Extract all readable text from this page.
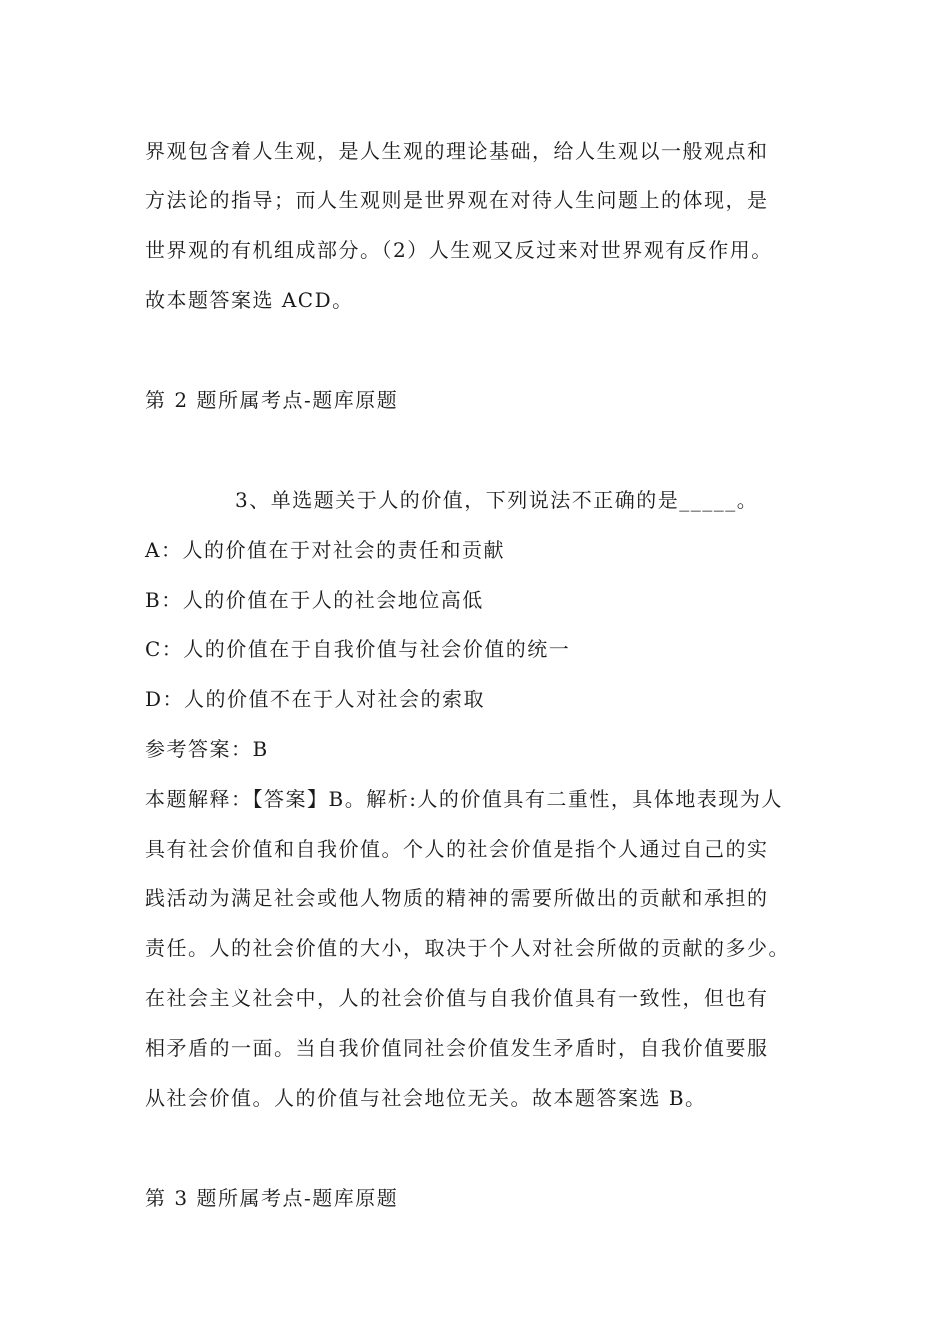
界观包含着人生观，是人生观的理论基础，给人生观以一般观点和
方法论的指导；而人生观则是世界观在对待人生问题上的体现，是
世界观的有机组成部分。（2）人生观又反过来对世界观有反作用。
故本题答案选 ACD。
第 2 题所属考点-题库原题
3、单选题关于人的价值，下列说法不正确的是_____。
A：人的价值在于对社会的责任和贡献
B：人的价值在于人的社会地位高低
C：人的价值在于自我价值与社会价值的统一
D：人的价值不在于人对社会的索取
参考答案：B
本题解释：【答案】B。解析:人的价值具有二重性，具体地表现为人
具有社会价值和自我价值。个人的社会价值是指个人通过自己的实
践活动为满足社会或他人物质的精神的需要所做出的贡献和承担的
责任。人的社会价值的大小，取决于个人对社会所做的贡献的多少。
在社会主义社会中，人的社会价值与自我价值具有一致性，但也有
相矛盾的一面。当自我价值同社会价值发生矛盾时，自我价值要服
从社会价值。人的价值与社会地位无关。故本题答案选 B。
第 3 题所属考点-题库原题
